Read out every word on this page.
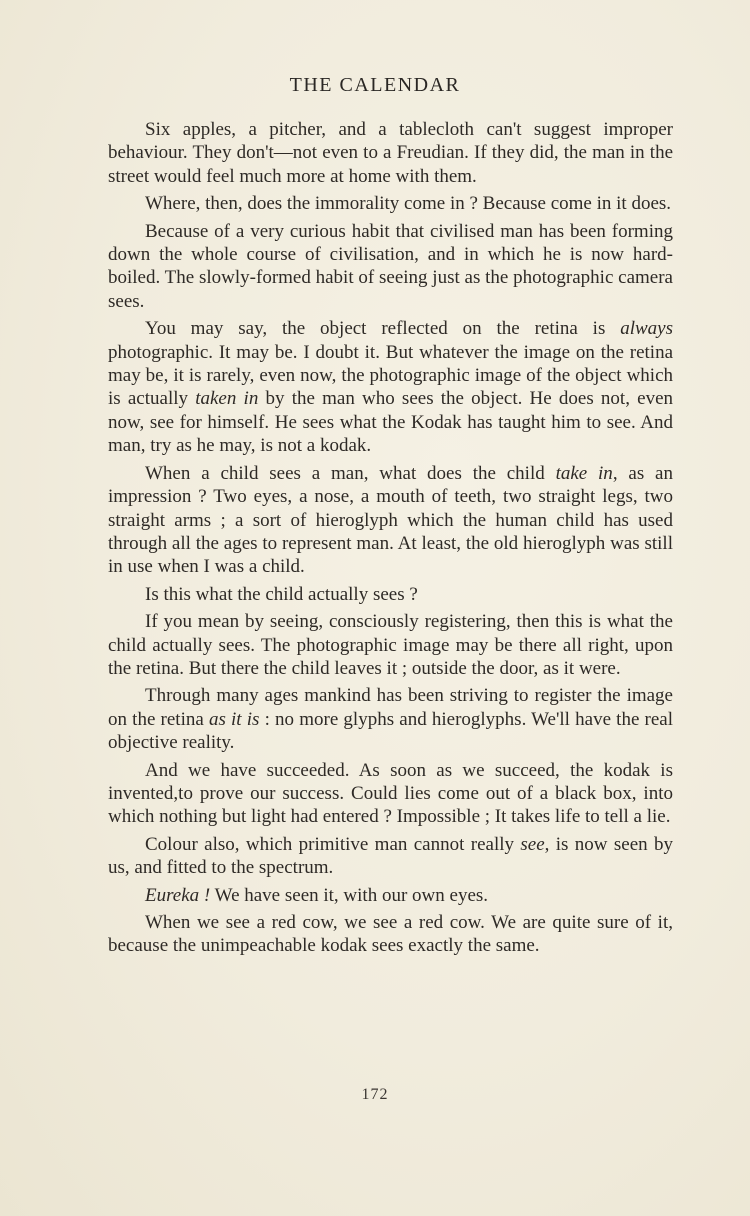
THE CALENDAR

Six apples, a pitcher, and a tablecloth can't suggest improper behaviour. They don't—not even to a Freudian. If they did, the man in the street would feel much more at home with them.

Where, then, does the immorality come in ? Because come in it does.

Because of a very curious habit that civilised man has been forming down the whole course of civilisation, and in which he is now hard-boiled. The slowly-formed habit of seeing just as the photographic camera sees.

You may say, the object reflected on the retina is always photographic. It may be. I doubt it. But whatever the image on the retina may be, it is rarely, even now, the photographic image of the object which is actually taken in by the man who sees the object. He does not, even now, see for himself. He sees what the Kodak has taught him to see. And man, try as he may, is not a kodak.

When a child sees a man, what does the child take in, as an impression ? Two eyes, a nose, a mouth of teeth, two straight legs, two straight arms ; a sort of hieroglyph which the human child has used through all the ages to represent man. At least, the old hieroglyph was still in use when I was a child.

Is this what the child actually sees ?

If you mean by seeing, consciously registering, then this is what the child actually sees. The photographic image may be there all right, upon the retina. But there the child leaves it ; outside the door, as it were.

Through many ages mankind has been striving to register the image on the retina as it is : no more glyphs and hieroglyphs. We'll have the real objective reality.

And we have succeeded. As soon as we succeed, the kodak is invented,to prove our success. Could lies come out of a black box, into which nothing but light had entered ? Impossible ; It takes life to tell a lie.

Colour also, which primitive man cannot really see, is now seen by us, and fitted to the spectrum.

Eureka ! We have seen it, with our own eyes.

When we see a red cow, we see a red cow. We are quite sure of it, because the unimpeachable kodak sees exactly the same.

172
